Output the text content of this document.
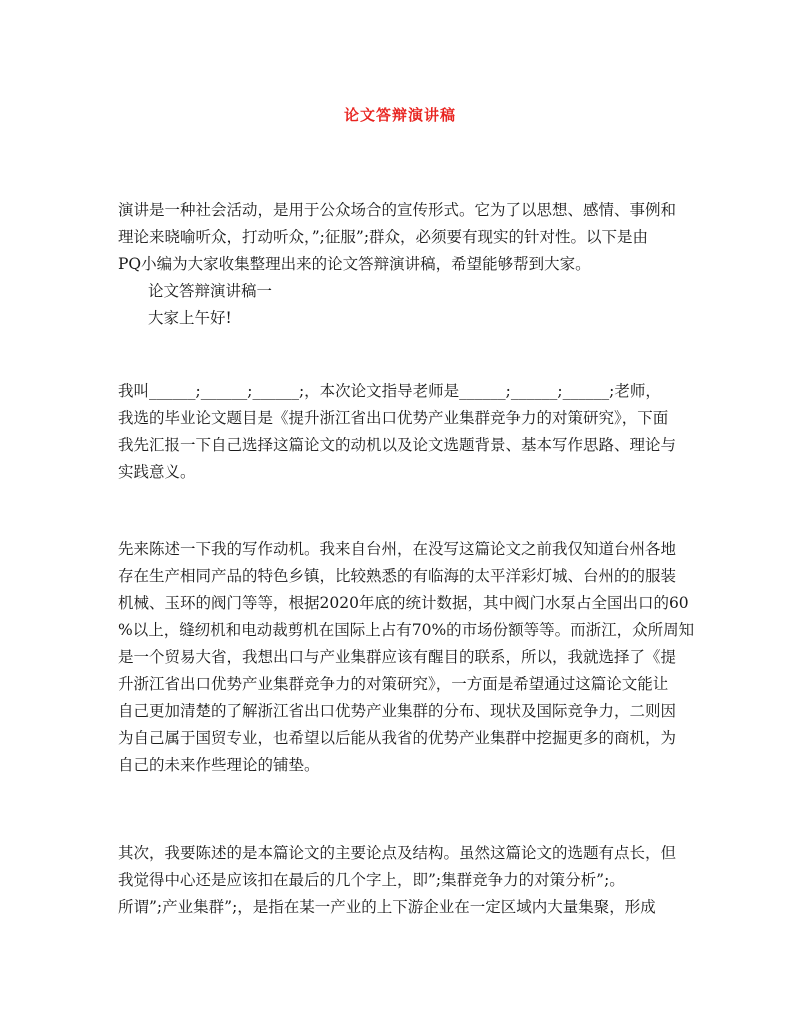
论文答辩演讲稿
演讲是一种社会活动，是用于公众场合的宣传形式。它为了以思想、感情、事例和
理论来晓喻听众，打动听众，”;征服”;群众，必须要有现实的针对性。以下是由
PQ小编为大家收集整理出来的论文答辩演讲稿，希望能够帮到大家。
论文答辩演讲稿一
大家上午好!
我叫______;______;______;，本次论文指导老师是______;______;______;老师，
我选的毕业论文题目是《提升浙江省出口优势产业集群竞争力的对策研究》，下面
我先汇报一下自己选择这篇论文的动机以及论文选题背景、基本写作思路、理论与
实践意义。
先来陈述一下我的写作动机。我来自台州，在没写这篇论文之前我仅知道台州各地
存在生产相同产品的特色乡镇，比较熟悉的有临海的太平洋彩灯城、台州的的服装
机械、玉环的阀门等等，根据2020年底的统计数据，其中阀门水泵占全国出口的60
%以上，缝纫机和电动裁剪机在国际上占有70%的市场份额等等。而浙江，众所周知
是一个贸易大省，我想出口与产业集群应该有醒目的联系，所以，我就选择了《提
升浙江省出口优势产业集群竞争力的对策研究》，一方面是希望通过这篇论文能让
自己更加清楚的了解浙江省出口优势产业集群的分布、现状及国际竞争力，二则因
为自己属于国贸专业，也希望以后能从我省的优势产业集群中挖掘更多的商机，为
自己的未来作些理论的铺垫。
其次，我要陈述的是本篇论文的主要论点及结构。虽然这篇论文的选题有点长，但
我觉得中心还是应该扣在最后的几个字上，即”;集群竞争力的对策分析”;。
所谓”;产业集群”;，是指在某一产业的上下游企业在一定区域内大量集聚，形成
